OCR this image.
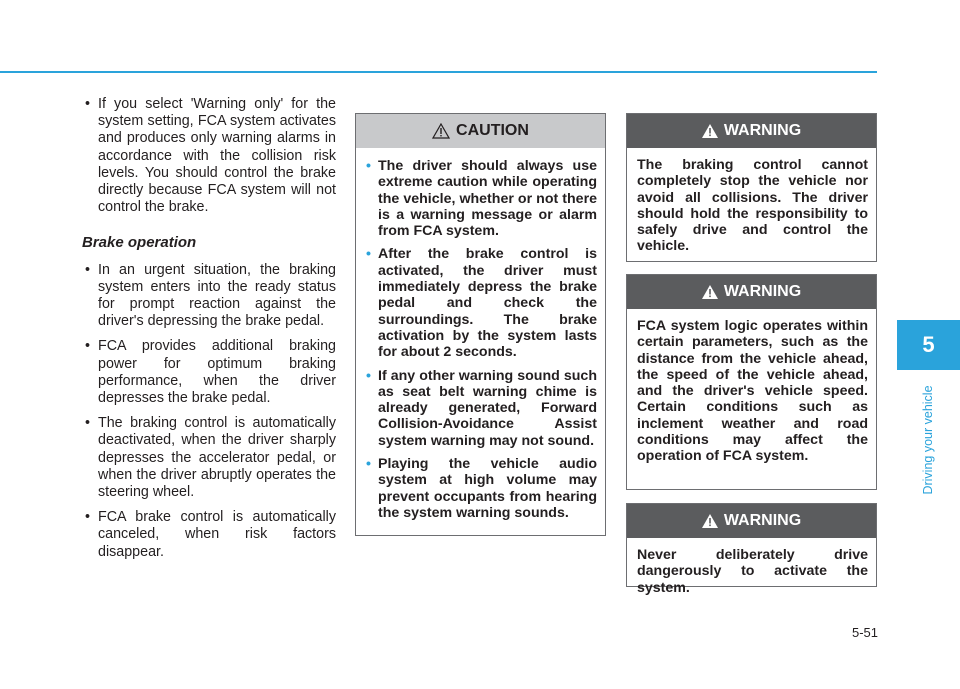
• If you select 'Warning only' for the system setting, FCA system activates and produces only warning alarms in accordance with the collision risk levels. You should control the brake directly because FCA system will not control the brake.

Brake operation

• In an urgent situation, the braking system enters into the ready status for prompt reaction against the driver's depressing the brake pedal.

• FCA provides additional braking power for optimum braking performance, when the driver depresses the brake pedal.

• The braking control is automatically deactivated, when the driver sharply depresses the accelerator pedal, or when the driver abruptly operates the steering wheel.

• FCA brake control is automatically canceled, when risk factors disappear.

CAUTION
• The driver should always use extreme caution while operating the vehicle, whether or not there is a warning message or alarm from FCA system.
• After the brake control is activated, the driver must immediately depress the brake pedal and check the surroundings. The brake activation by the system lasts for about 2 seconds.
• If any other warning sound such as seat belt warning chime is already generated, Forward Collision-Avoidance Assist system warning may not sound.
• Playing the vehicle audio system at high volume may prevent occupants from hearing the system warning sounds.
WARNING
The braking control cannot completely stop the vehicle nor avoid all collisions. The driver should hold the responsibility to safely drive and control the vehicle.
WARNING
FCA system logic operates within certain parameters, such as the distance from the vehicle ahead, the speed of the vehicle ahead, and the driver's vehicle speed. Certain conditions such as inclement weather and road conditions may affect the operation of FCA system.
WARNING
Never deliberately drive dangerously to activate the system.
5
Driving your vehicle
5-51
